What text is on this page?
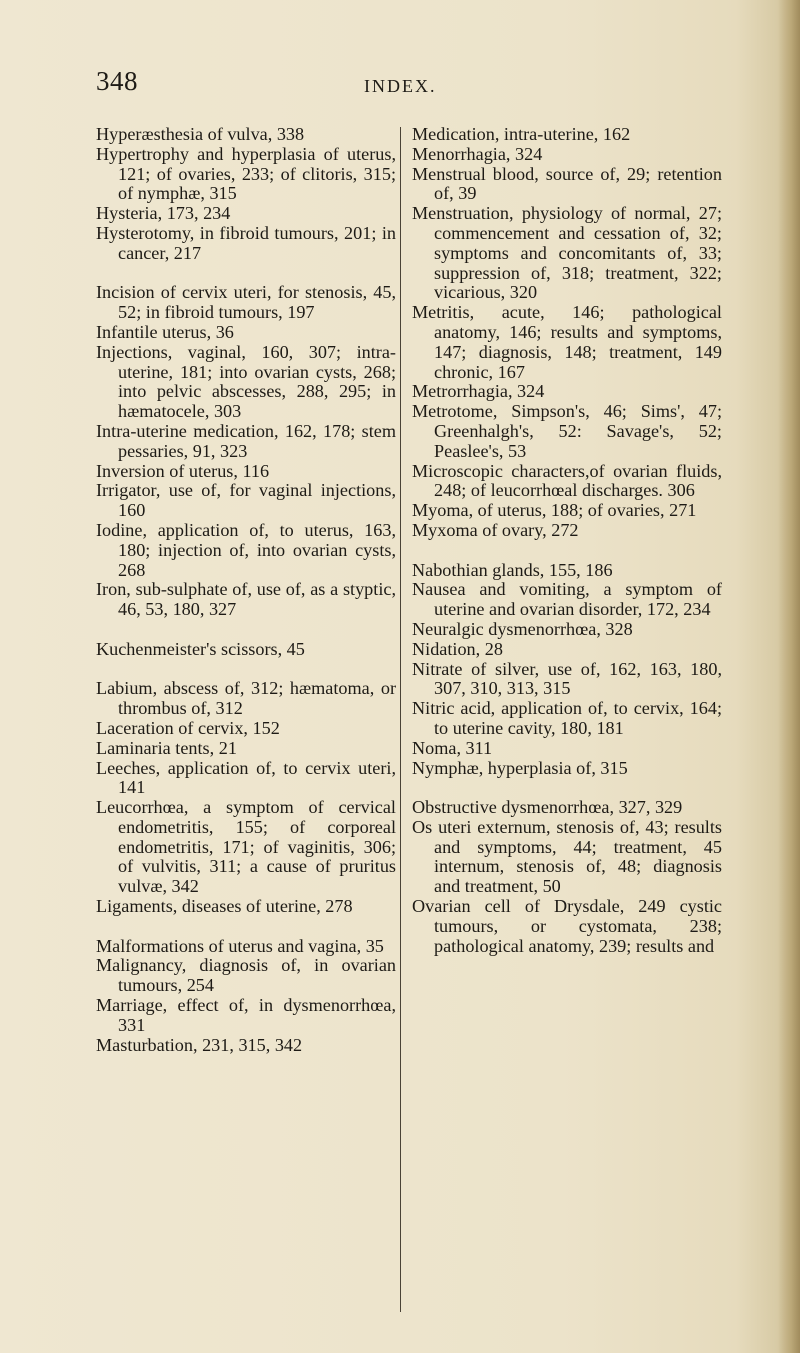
348	INDEX.

Hyperæsthesia of vulva, 338

Hypertrophy and hyperplasia of uterus, 121; of ovaries, 233; of clitoris, 315; of nymphæ, 315

Hysteria, 173, 234

Hysterotomy, in fibroid tumours, 201; in cancer, 217

Incision of cervix uteri, for stenosis, 45, 52; in fibroid tumours, 197

Infantile uterus, 36

Injections, vaginal, 160, 307; intra-uterine, 181; into ovarian cysts, 268; into pelvic abscesses, 288, 295; in hæmatocele, 303

Intra-uterine medication, 162, 178; stem pessaries, 91, 323

Inversion of uterus, 116

Irrigator, use of, for vaginal injections, 160

Iodine, application of, to uterus, 163, 180; injection of, into ovarian cysts, 268

Iron, sub-sulphate of, use of, as a styptic, 46, 53, 180, 327

Kuchenmeister's scissors, 45

Labium, abscess of, 312; hæmatoma, or thrombus of, 312

Laceration of cervix, 152

Laminaria tents, 21

Leeches, application of, to cervix uteri, 141

Leucorrhœa, a symptom of cervical endometritis, 155; of corporeal endometritis, 171; of vaginitis, 306; of vulvitis, 311; a cause of pruritus vulvæ, 342

Ligaments, diseases of uterine, 278

Malformations of uterus and vagina, 35

Malignancy, diagnosis of, in ovarian tumours, 254

Marriage, effect of, in dysmenorrhœa, 331

Masturbation, 231, 315, 342

Medication, intra-uterine, 162

Menorrhagia, 324

Menstrual blood, source of, 29; retention of, 39

Menstruation, physiology of normal, 27; commencement and cessation of, 32; symptoms and concomitants of, 33; suppression of, 318; treatment, 322; vicarious, 320

Metritis, acute, 146; pathological anatomy, 146; results and symptoms, 147; diagnosis, 148; treatment, 149 chronic, 167

Metrorrhagia, 324

Metrotome, Simpson's, 46; Sims', 47; Greenhalgh's, 52: Savage's, 52; Peaslee's, 53

Microscopic characters,of ovarian fluids, 248; of leucorrhœal discharges. 306

Myoma, of uterus, 188; of ovaries, 271

Myxoma of ovary, 272

Nabothian glands, 155, 186

Nausea and vomiting, a symptom of uterine and ovarian disorder, 172, 234

Neuralgic dysmenorrhœa, 328

Nidation, 28

Nitrate of silver, use of, 162, 163, 180, 307, 310, 313, 315

Nitric acid, application of, to cervix, 164; to uterine cavity, 180, 181

Noma, 311

Nymphæ, hyperplasia of, 315

Obstructive dysmenorrhœa, 327, 329

Os uteri externum, stenosis of, 43; results and symptoms, 44; treatment, 45 internum, stenosis of, 48; diagnosis and treatment, 50

Ovarian cell of Drysdale, 249 cystic tumours, or cystomata, 238; pathological anatomy, 239; results and
